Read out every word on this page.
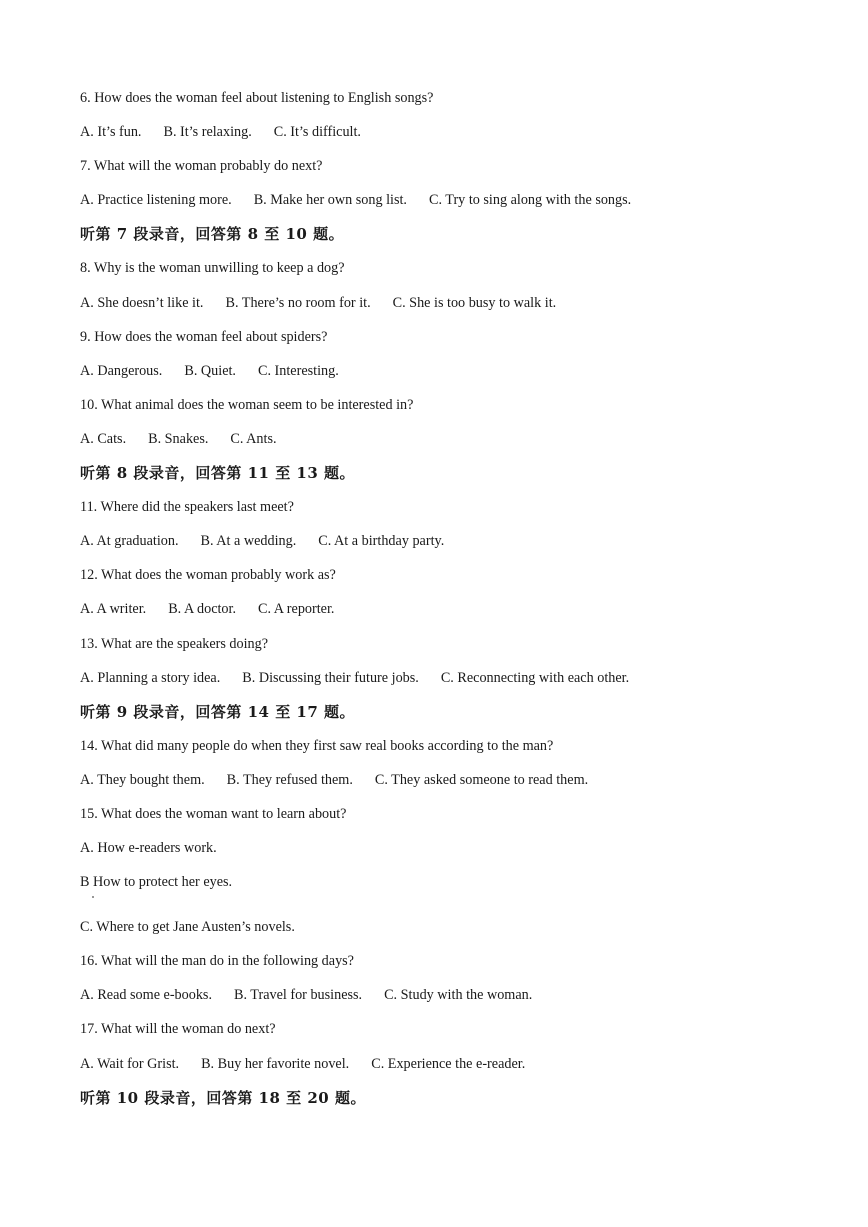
6. How does the woman feel about listening to English songs?
A. It’s fun. B. It’s relaxing. C. It’s difficult.
7. What will the woman probably do next?
A. Practice listening more. B. Make her own song list. C. Try to sing along with the songs.
听第 7 段录音，回答第 8 至 10 题。
8. Why is the woman unwilling to keep a dog?
A. She doesn’t like it. B. There’s no room for it. C. She is too busy to walk it.
9. How does the woman feel about spiders?
A. Dangerous. B. Quiet. C. Interesting.
10. What animal does the woman seem to be interested in?
A. Cats. B. Snakes. C. Ants.
听第 8 段录音，回答第 11 至 13 题。
11. Where did the speakers last meet?
A. At graduation. B. At a wedding. C. At a birthday party.
12. What does the woman probably work as?
A. A writer. B. A doctor. C. A reporter.
13. What are the speakers doing?
A. Planning a story idea. B. Discussing their future jobs. C. Reconnecting with each other.
听第 9 段录音，回答第 14 至 17 题。
14. What did many people do when they first saw real books according to the man?
A. They bought them. B. They refused them. C. They asked someone to read them.
15. What does the woman want to learn about?
A. How e-readers work.
B How to protect her eyes.
C. Where to get Jane Austen’s novels.
16. What will the man do in the following days?
A. Read some e-books. B. Travel for business. C. Study with the woman.
17. What will the woman do next?
A. Wait for Grist. B. Buy her favorite novel. C. Experience the e-reader.
听第 10 段录音，回答第 18 至 20 题。
